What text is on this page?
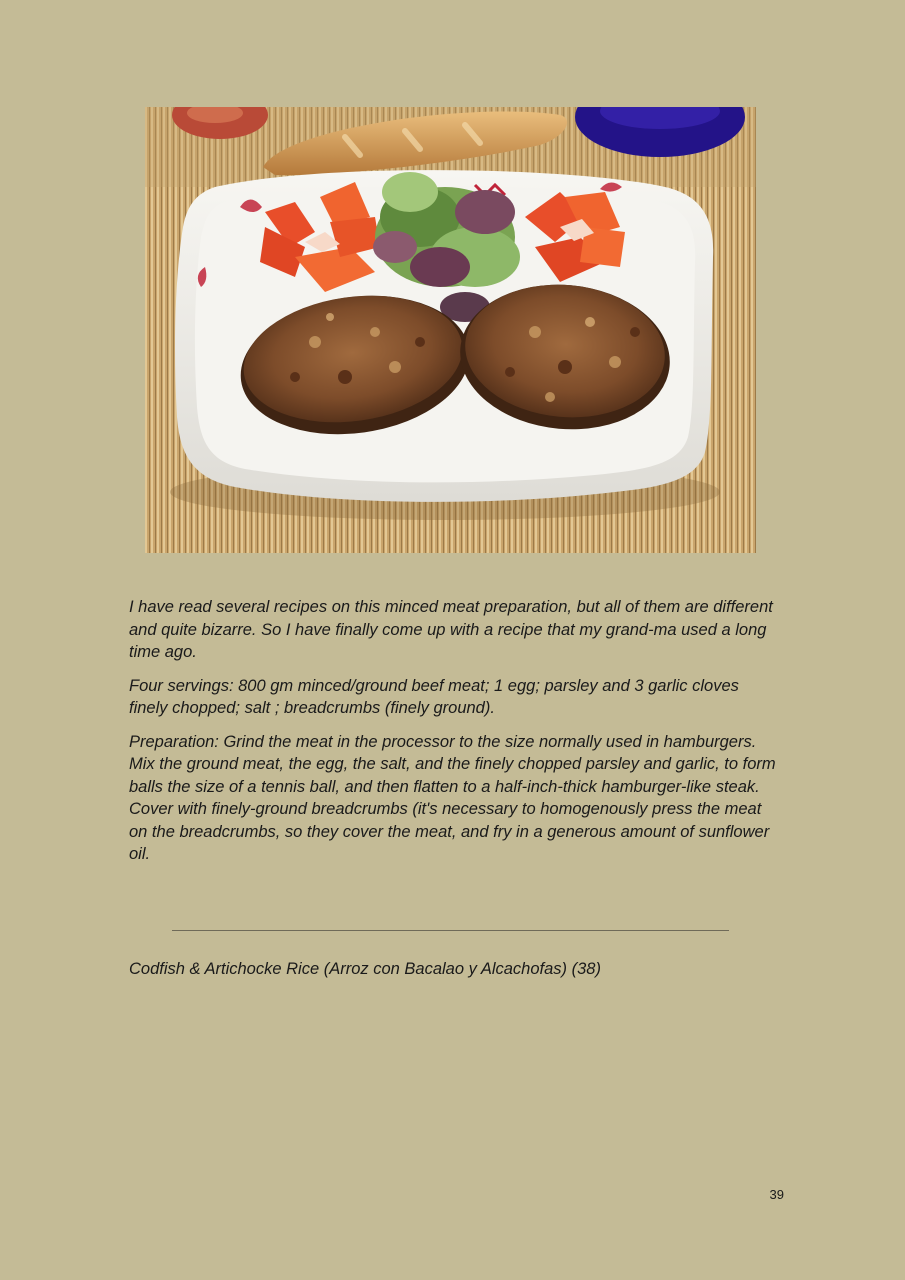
I have read several recipes on this minced meat preparation, but all of them are different and quite bizarre. So I have finally come up with a recipe that my grand-ma used a long time ago.

Four servings: 800 gm minced/ground beef meat; 1 egg; parsley and 3 garlic cloves finely chopped; salt ; breadcrumbs (finely ground).

Preparation: Grind the meat in the processor to the size normally used in hamburgers. Mix the ground meat, the egg, the salt, and the finely chopped parsley and garlic, to form balls the size of a tennis ball, and then flatten to a half-inch-thick hamburger-like steak. Cover with finely-ground breadcrumbs (it's necessary to homogenously press the meat on the breadcrumbs, so they cover the meat, and fry in a generous amount of sunflower oil.

Codfish & Artichocke Rice (Arroz con Bacalao y Alcachofas) (38)
39
